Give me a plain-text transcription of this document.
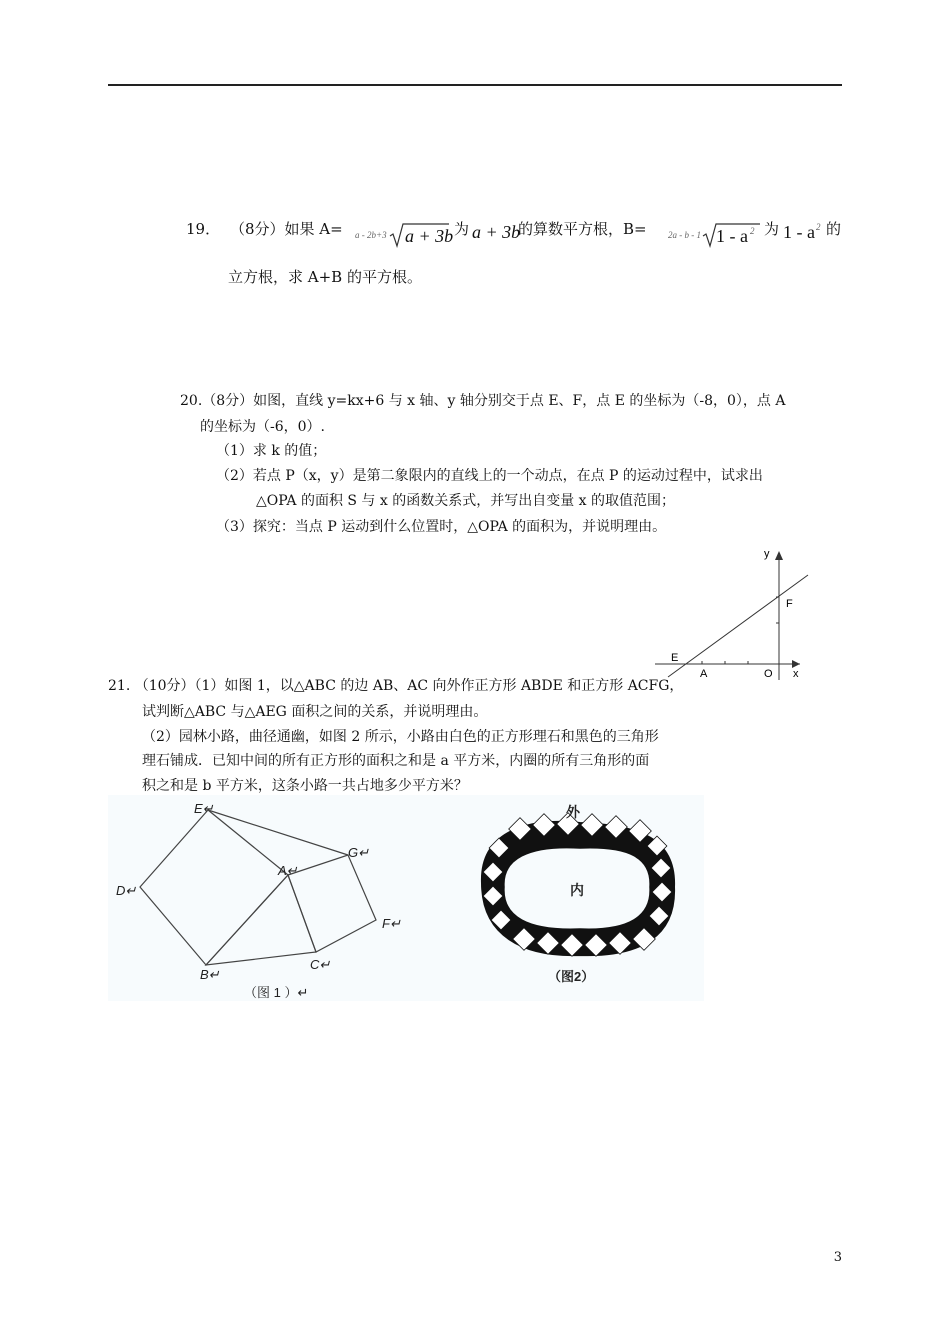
19． （8分）如果 A= a - 2b+3 a + 3b 为 a + 3b
的算数平方根，B= 2a - b - 1 1 - a 2 为 1 - a 2 的
立方根，求 A+B 的平方根。
20.（8分）如图，直线 y=kx+6 与 x 轴、y 轴分别交于点 E、F，点 E 的坐标为（-8，0），点 A
的坐标为（-6，0）.
（1）求 k 的值；
（2）若点 P（x，y）是第二象限内的直线上的一个动点，在点 P 的运动过程中，试求出
△OPA 的面积 S 与 x 的函数关系式，并写出自变量 x 的取值范围；
（3）探究：当点 P 运动到什么位置时，△OPA 的面积为，并说明理由。
y
x
F
E
A	O
21. （10分）（1）如图 1，以△ABC 的边 AB、AC 向外作正方形 ABDE 和正方形 ACFG，
试判断△ABC 与△AEG 面积之间的关系，并说明理由。
（2）园林小路，曲径通幽，如图 2 所示，小路由白色的正方形理石和黑色的三角形
理石铺成．已知中间的所有正方形的面积之和是 a 平方米，内圈的所有三角形的面
积之和是 b 平方米，这条小路一共占地多少平方米？
E↵
G↵
A↵
D↵
F↵
B↵
C↵
（图 1 ）↵
外
内
（图2）
3
